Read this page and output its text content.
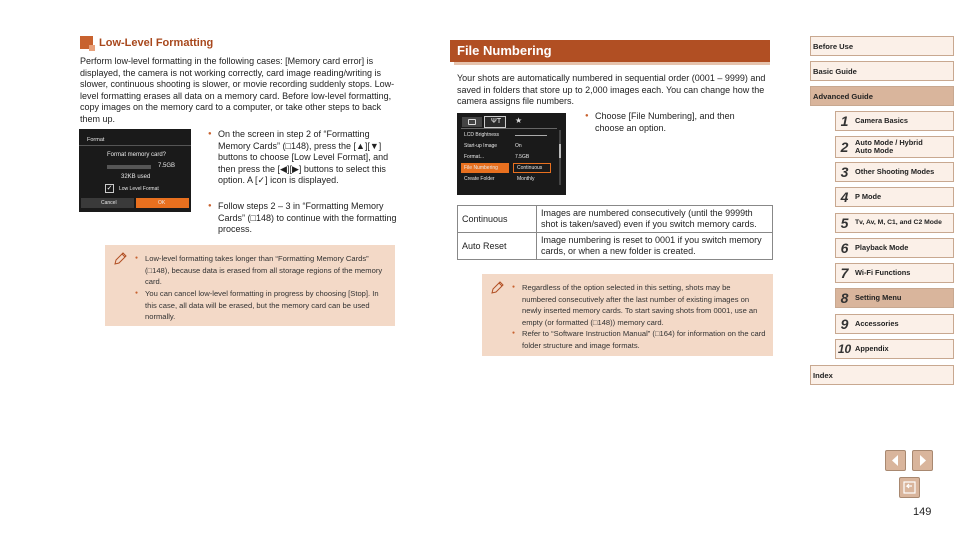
Low-Level Formatting
Perform low-level formatting in the following cases: [Memory card error] is displayed, the camera is not working correctly, card image reading/writing is slower, continuous shooting is slower, or movie recording suddenly stops. Low-level formatting erases all data on a memory card. Before low-level formatting, copy images on the memory card to a computer, or take other steps to back them up.
Format
Format memory card?
7.5GB
32KB used
✓	Low Level Format
Cancel	OK
● On the screen in step 2 of “Formatting Memory Cards” (□148), press the [▲][▼] buttons to choose [Low Level Format], and then press the [◀][▶] buttons to select this option. A [✓] icon is displayed.
● Follow steps 2 – 3 in “Formatting Memory Cards” (□148) to continue with the formatting process.
● Low-level formatting takes longer than “Formatting Memory Cards” (□148), because data is erased from all storage regions of the memory card.
● You can cancel low-level formatting in progress by choosing [Stop]. In this case, all data will be erased, but the memory card can be used normally.
File Numbering
Your shots are automatically numbered in sequential order (0001 – 9999) and saved in folders that store up to 2,000 images each. You can change how the camera assigns file numbers.
ΨΤ ★
LCD Brightness
Start-up Image	On
Format...	7.5GB
File Numbering	Continuous
Create Folder	Monthly
● Choose [File Numbering], and then choose an option.
Continuous	Images are numbered consecutively (until the 9999th shot is taken/saved) even if you switch memory cards.
Auto Reset	Image numbering is reset to 0001 if you switch memory cards, or when a new folder is created.
● Regardless of the option selected in this setting, shots may be numbered consecutively after the last number of existing images on newly inserted memory cards. To start saving shots from 0001, use an empty (or formatted (□148)) memory card.
● Refer to “Software Instruction Manual” (□164) for information on the card folder structure and image formats.
Before Use
Basic Guide
Advanced Guide
1 Camera Basics
2 Auto Mode / Hybrid Auto Mode
3 Other Shooting Modes
4 P Mode
5 Tv, Av, M, C1, and C2 Mode
6 Playback Mode
7 Wi-Fi Functions
8 Setting Menu
9 Accessories
10 Appendix
Index
149
